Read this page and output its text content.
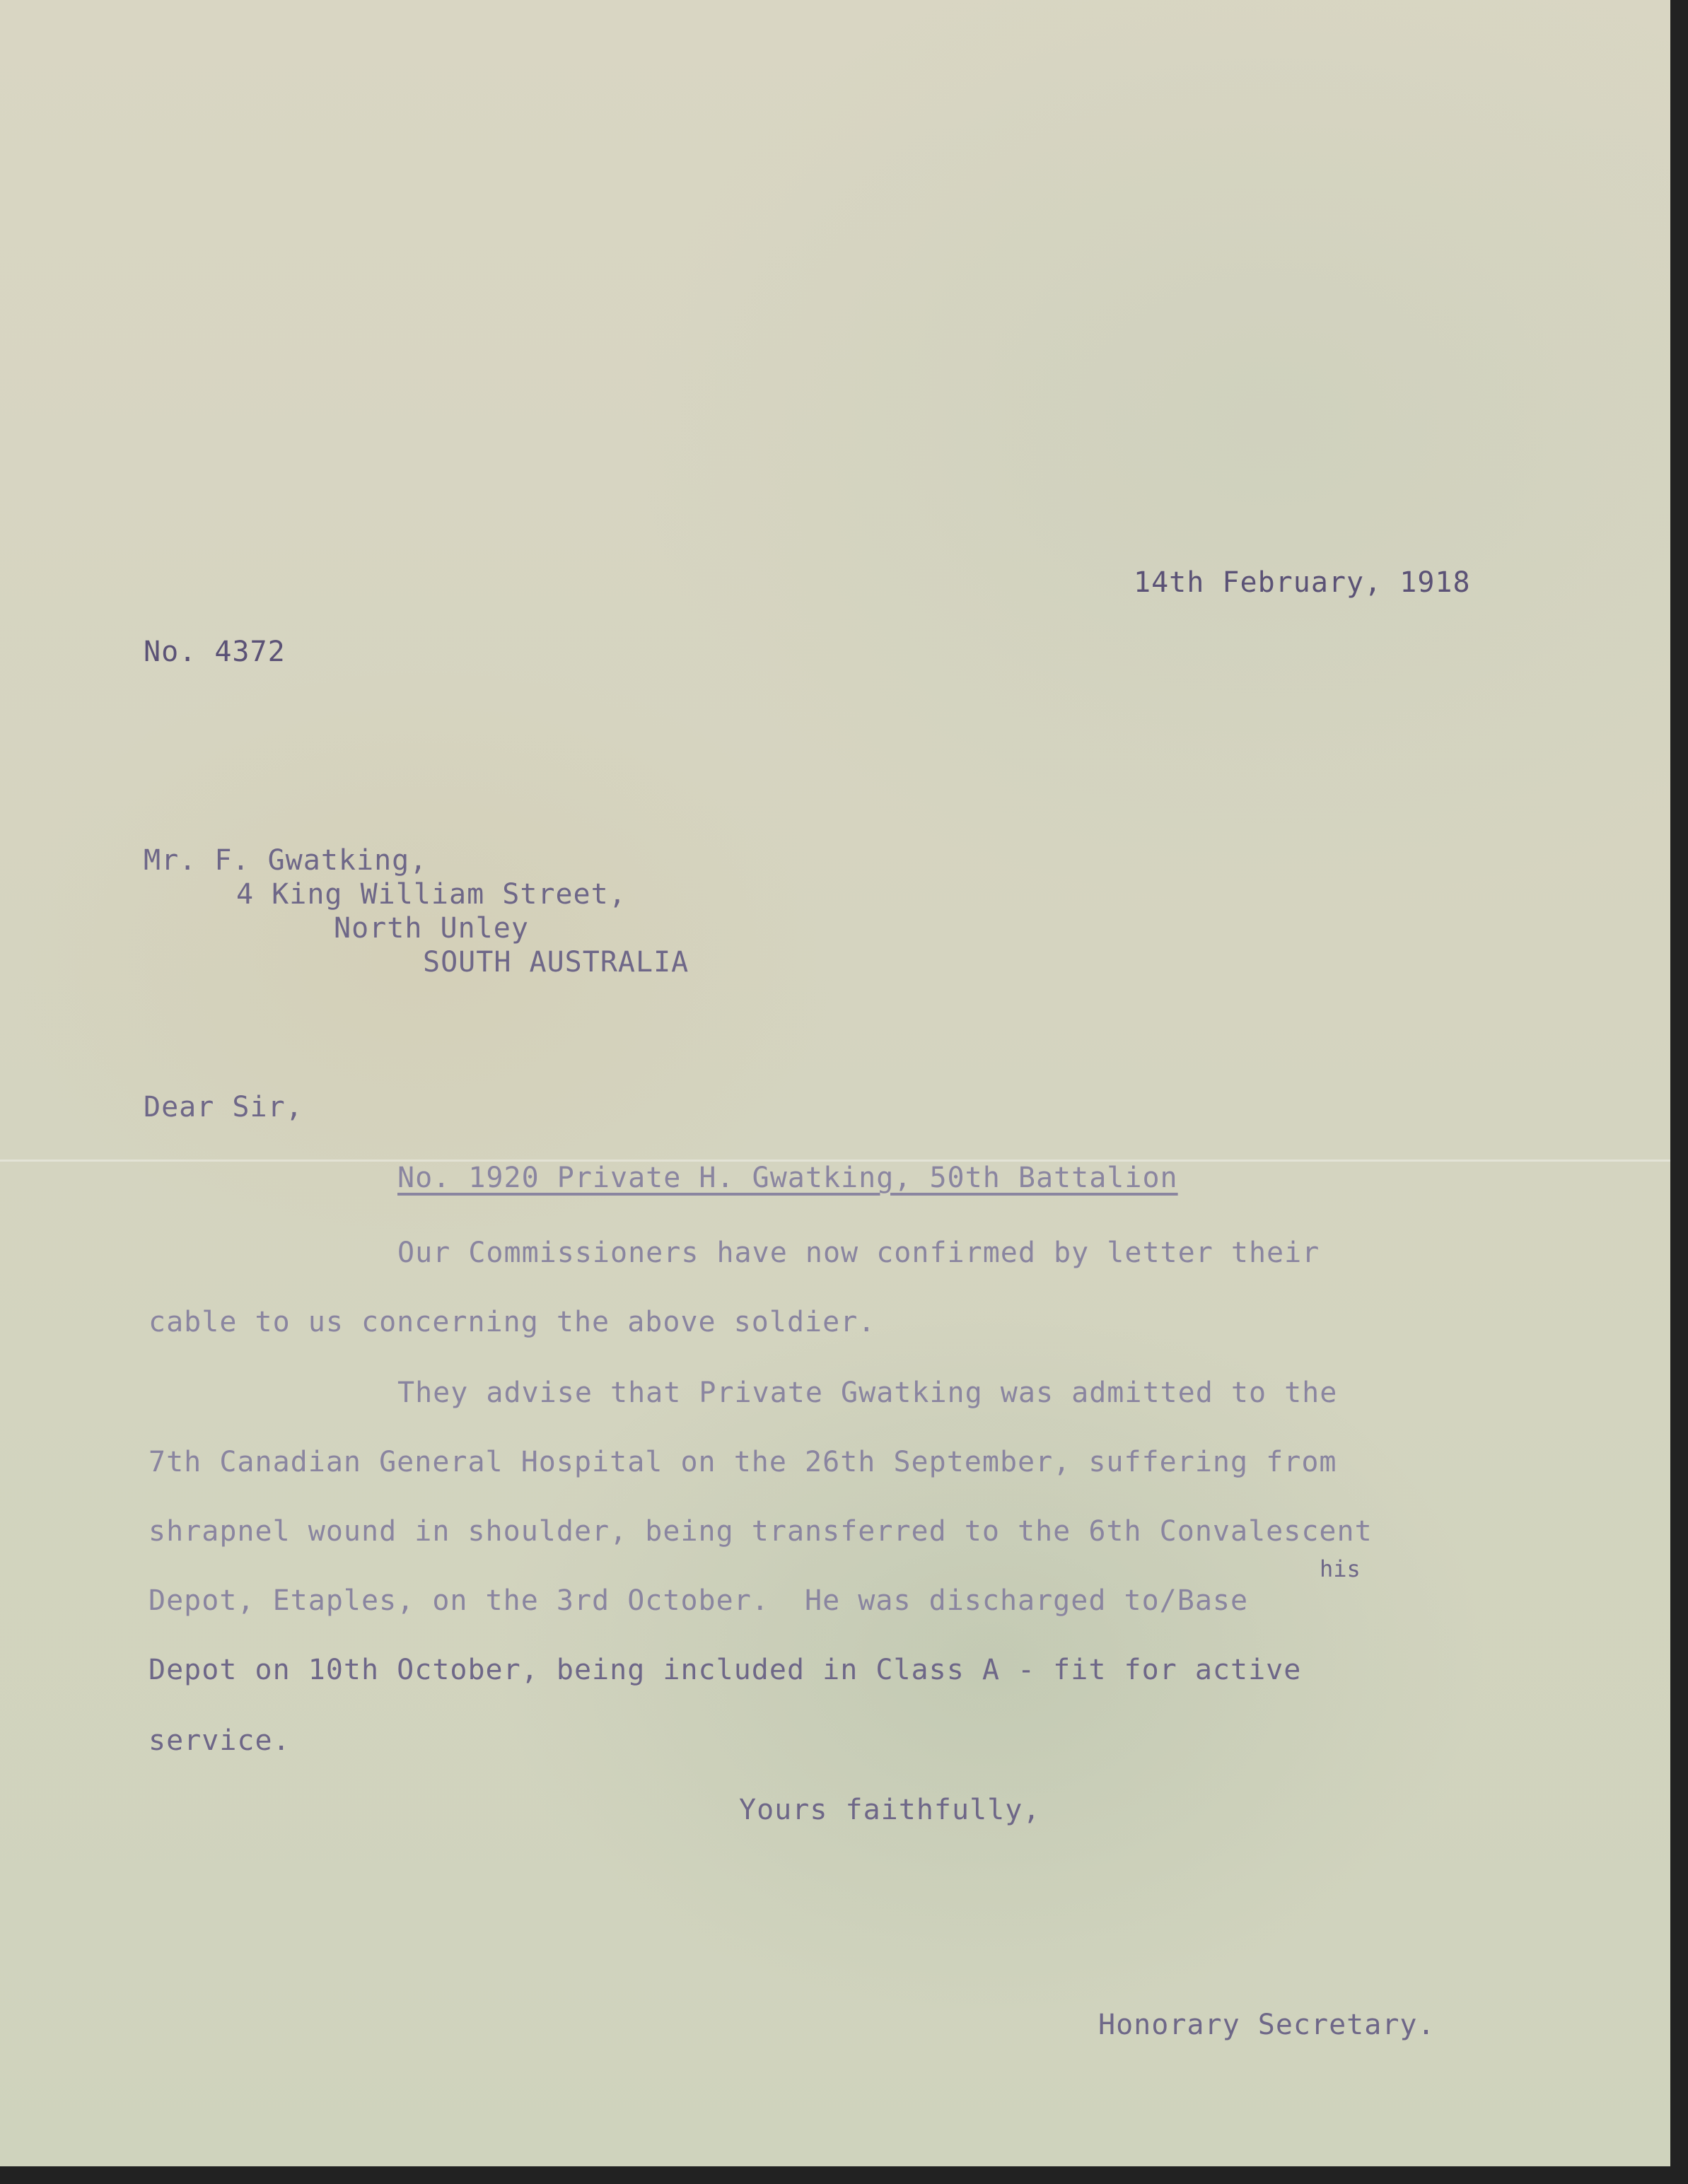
14th February, 1918
No. 4372
Mr. F. Gwatking,
4 King William Street,
North Unley
SOUTH AUSTRALIA
Dear Sir,
No. 1920 Private H. Gwatking, 50th Battalion
Our Commissioners have now confirmed by letter their
cable to us concerning the above soldier.
They advise that Private Gwatking was admitted to the
7th Canadian General Hospital on the 26th September, suffering from
shrapnel wound in shoulder, being transferred to the 6th Convalescent
his
Depot, Etaples, on the 3rd October.  He was discharged to/Base
Depot on 10th October, being included in Class A - fit for active
service.
Yours faithfully,
Honorary Secretary.
